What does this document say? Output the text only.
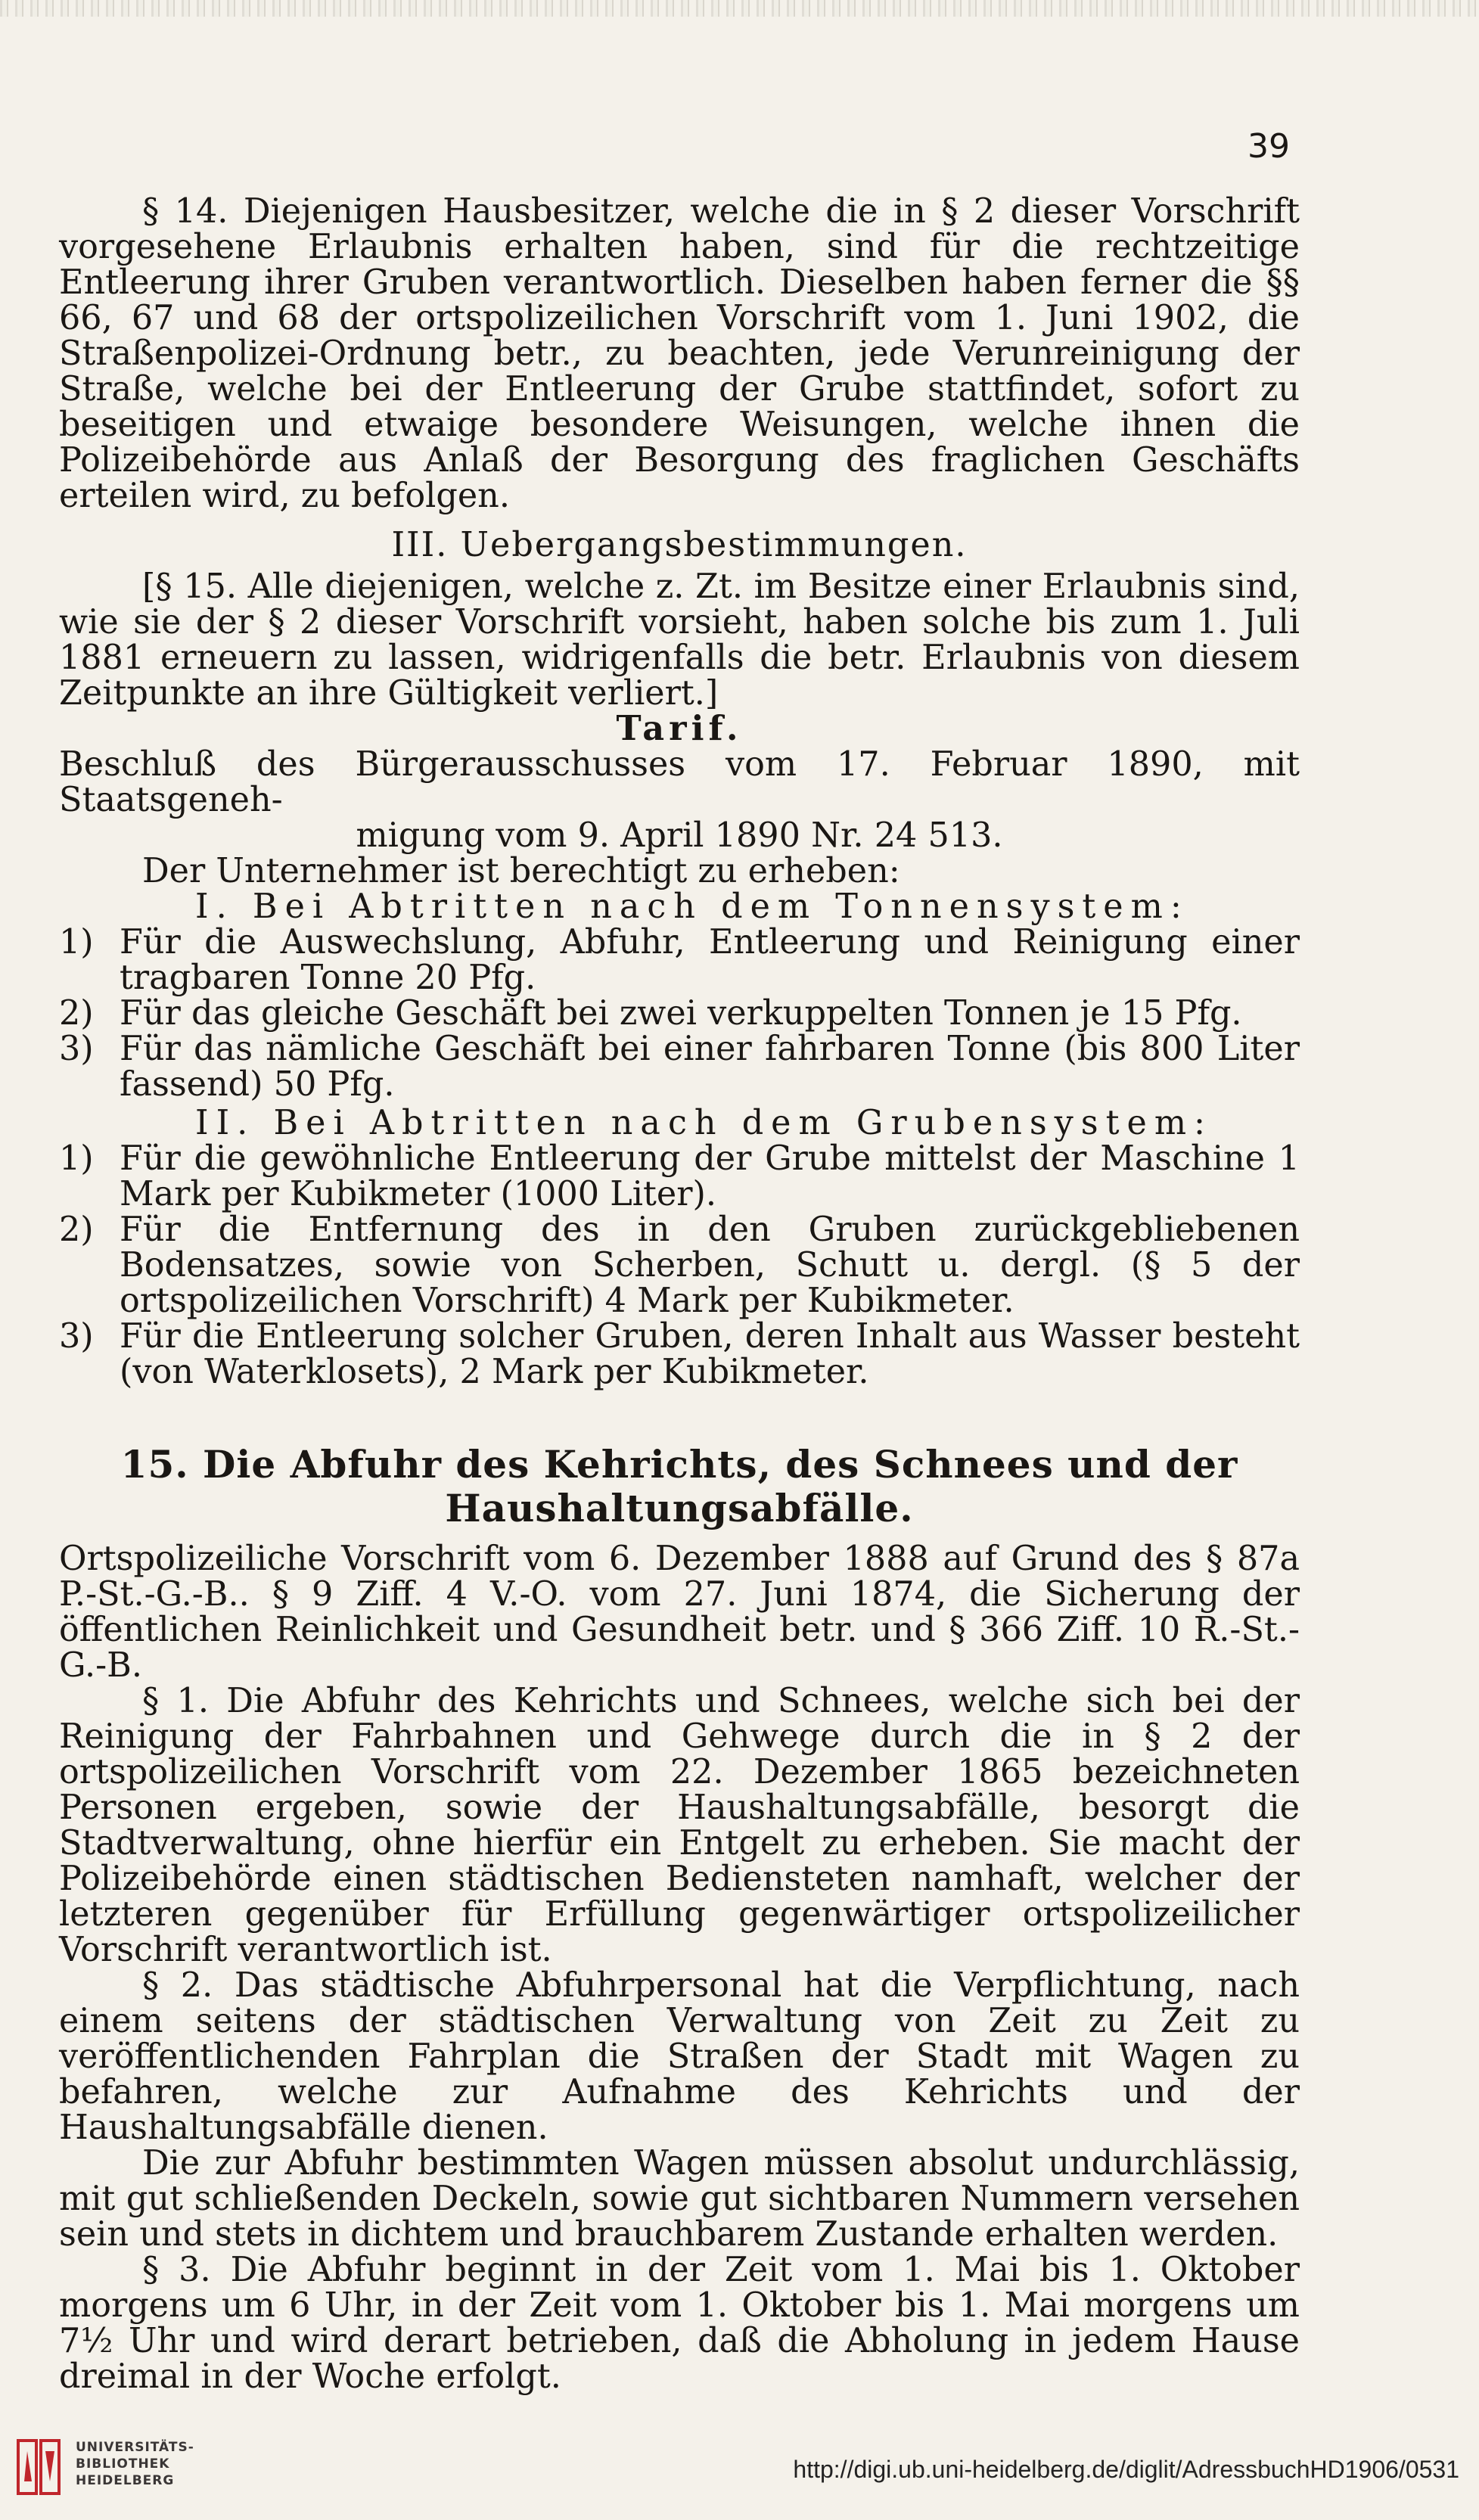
39

§ 14. Diejenigen Hausbesitzer, welche die in § 2 dieser Vorschrift vorgesehene Erlaubnis erhalten haben, sind für die rechtzeitige Entleerung ihrer Gruben verantwortlich. Dieselben haben ferner die §§ 66, 67 und 68 der ortspolizeilichen Vorschrift vom 1. Juni 1902, die Straßenpolizei-Ordnung betr., zu beachten, jede Verunreinigung der Straße, welche bei der Entleerung der Grube stattfindet, sofort zu beseitigen und etwaige besondere Weisungen, welche ihnen die Polizeibehörde aus Anlaß der Besorgung des fraglichen Geschäfts erteilen wird, zu befolgen.

III. Uebergangsbestimmungen.

[§ 15. Alle diejenigen, welche z. Zt. im Besitze einer Erlaubnis sind, wie sie der § 2 dieser Vorschrift vorsieht, haben solche bis zum 1. Juli 1881 erneuern zu lassen, widrigenfalls die betr. Erlaubnis von diesem Zeitpunkte an ihre Gültigkeit verliert.]

Tarif.

Beschluß des Bürgerausschusses vom 17. Februar 1890, mit Staatsgeneh-

migung vom 9. April 1890 Nr. 24 513.

Der Unternehmer ist berechtigt zu erheben:

I. Bei Abtritten nach dem Tonnensystem:

1) Für die Auswechslung, Abfuhr, Entleerung und Reinigung einer tragbaren Tonne 20 Pfg.
2) Für das gleiche Geschäft bei zwei verkuppelten Tonnen je 15 Pfg.
3) Für das nämliche Geschäft bei einer fahrbaren Tonne (bis 800 Liter fassend) 50 Pfg.

II. Bei Abtritten nach dem Grubensystem:

1) Für die gewöhnliche Entleerung der Grube mittelst der Maschine 1 Mark per Kubikmeter (1000 Liter).
2) Für die Entfernung des in den Gruben zurückgebliebenen Bodensatzes, sowie von Scherben, Schutt u. dergl. (§ 5 der ortspolizeilichen Vorschrift) 4 Mark per Kubikmeter.
3) Für die Entleerung solcher Gruben, deren Inhalt aus Wasser besteht (von Waterklosets), 2 Mark per Kubikmeter.
15. Die Abfuhr des Kehrichts, des Schnees und der
Haushaltungsabfälle.

Ortspolizeiliche Vorschrift vom 6. Dezember 1888 auf Grund des § 87a P.-St.-G.-B.. § 9 Ziff. 4 V.-O. vom 27. Juni 1874, die Sicherung der öffentlichen Reinlichkeit und Gesundheit betr. und § 366 Ziff. 10 R.-St.-G.-B.

§ 1. Die Abfuhr des Kehrichts und Schnees, welche sich bei der Reinigung der Fahrbahnen und Gehwege durch die in § 2 der ortspolizeilichen Vorschrift vom 22. Dezember 1865 bezeichneten Personen ergeben, sowie der Haushaltungsabfälle, besorgt die Stadtverwaltung, ohne hierfür ein Entgelt zu erheben. Sie macht der Polizeibehörde einen städtischen Bediensteten namhaft, welcher der letzteren gegenüber für Erfüllung gegenwärtiger ortspolizeilicher Vorschrift verantwortlich ist.

§ 2. Das städtische Abfuhrpersonal hat die Verpflichtung, nach einem seitens der städtischen Verwaltung von Zeit zu Zeit zu veröffentlichenden Fahrplan die Straßen der Stadt mit Wagen zu befahren, welche zur Aufnahme des Kehrichts und der Haushaltungsabfälle dienen.

Die zur Abfuhr bestimmten Wagen müssen absolut undurchlässig, mit gut schließenden Deckeln, sowie gut sichtbaren Nummern versehen sein und stets in dichtem und brauchbarem Zustande erhalten werden.

§ 3. Die Abfuhr beginnt in der Zeit vom 1. Mai bis 1. Oktober morgens um 6 Uhr, in der Zeit vom 1. Oktober bis 1. Mai morgens um 7½ Uhr und wird derart betrieben, daß die Abholung in jedem Hause dreimal in der Woche erfolgt.

UNIVERSITÄTS-
BIBLIOTHEK
HEIDELBERG	http://digi.ub.uni-heidelberg.de/diglit/AdressbuchHD1906/0531
